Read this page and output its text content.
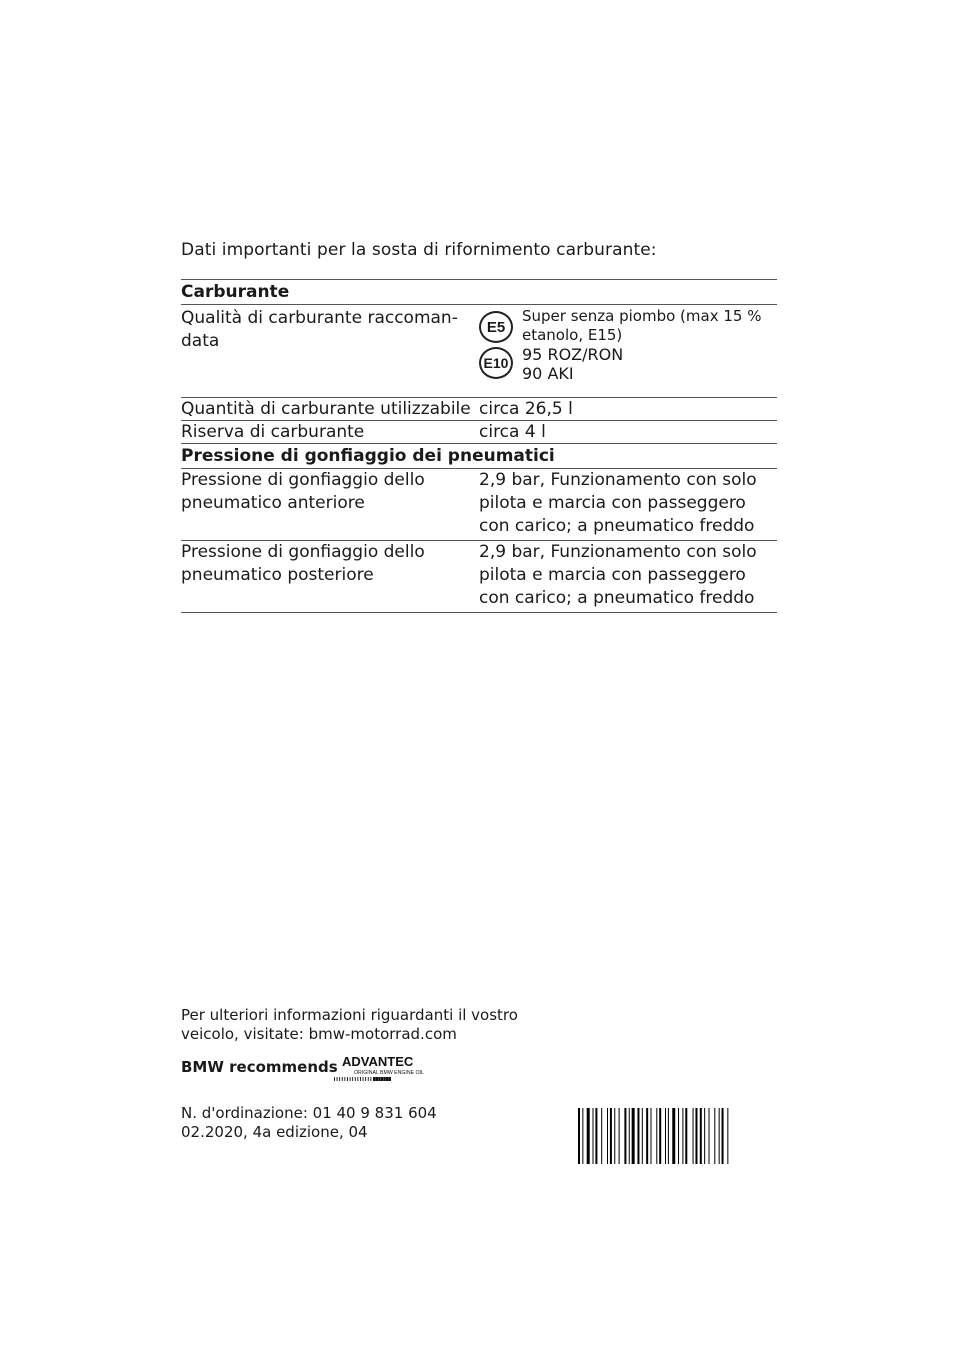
Dati importanti per la sosta di rifornimento carburante:
Carburante
Qualità di carburante raccoman-
data
E5
E10
Super senza piombo (max 15 %
etanolo, E15)
95 ROZ/RON
90 AKI
Quantità di carburante utilizzabile circa 26,5 l
Riserva di carburante	circa 4 l
Pressione di gonfiaggio dei pneumatici
Pressione di gonfiaggio dello
pneumatico anteriore
2,9 bar, Funzionamento con solo
pilota e marcia con passeggero
con carico; a pneumatico freddo
Pressione di gonfiaggio dello
pneumatico posteriore
2,9 bar, Funzionamento con solo
pilota e marcia con passeggero
con carico; a pneumatico freddo
Per ulteriori informazioni riguardanti il vostro
veicolo, visitate: bmw-motorrad.com
BMW recommends ADVANTEC
ORIGINAL BMW ENGINE OIL
N. d'ordinazione: 01 40 9 831 604
02.2020, 4a edizione, 04
